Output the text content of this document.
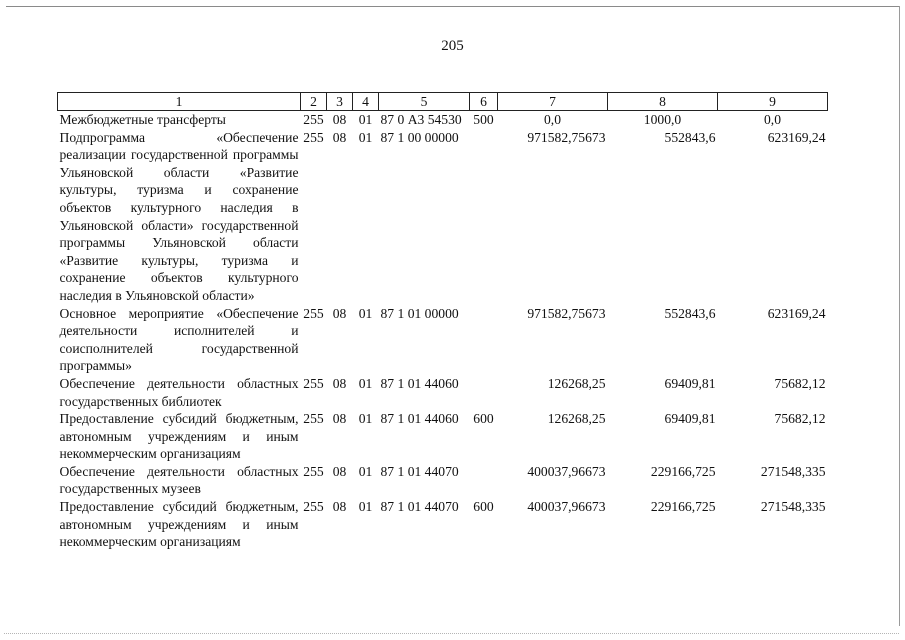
205
1	2	3	4	5	6	7	8	9
Межбюджетные трансферты	255	08	01	87 0 А3 54530	500	0,0	1000,0	0,0
Подпрограмма «Обеспечение реализации государственной программы Ульяновской области «Развитие культуры, туризма и сохранение объектов культурного наследия в Ульяновской области» государственной программы Ульяновской области «Развитие культуры, туризма и сохранение объектов культурного наследия в Ульяновской области»	255	08	01	87 1 00 00000		971582,75673	552843,6	623169,24
Основное мероприятие «Обеспечение деятельности исполнителей и соисполнителей государственной программы»	255	08	01	87 1 01 00000		971582,75673	552843,6	623169,24
Обеспечение деятельности областных государственных библиотек	255	08	01	87 1 01 44060		126268,25	69409,81	75682,12
Предоставление субсидий бюджетным, автономным учреждениям и иным некоммерческим организациям	255	08	01	87 1 01 44060	600	126268,25	69409,81	75682,12
Обеспечение деятельности областных государственных музеев	255	08	01	87 1 01 44070		400037,96673	229166,725	271548,335
Предоставление субсидий бюджетным, автономным учреждениям и иным некоммерческим организациям	255	08	01	87 1 01 44070	600	400037,96673	229166,725	271548,335
